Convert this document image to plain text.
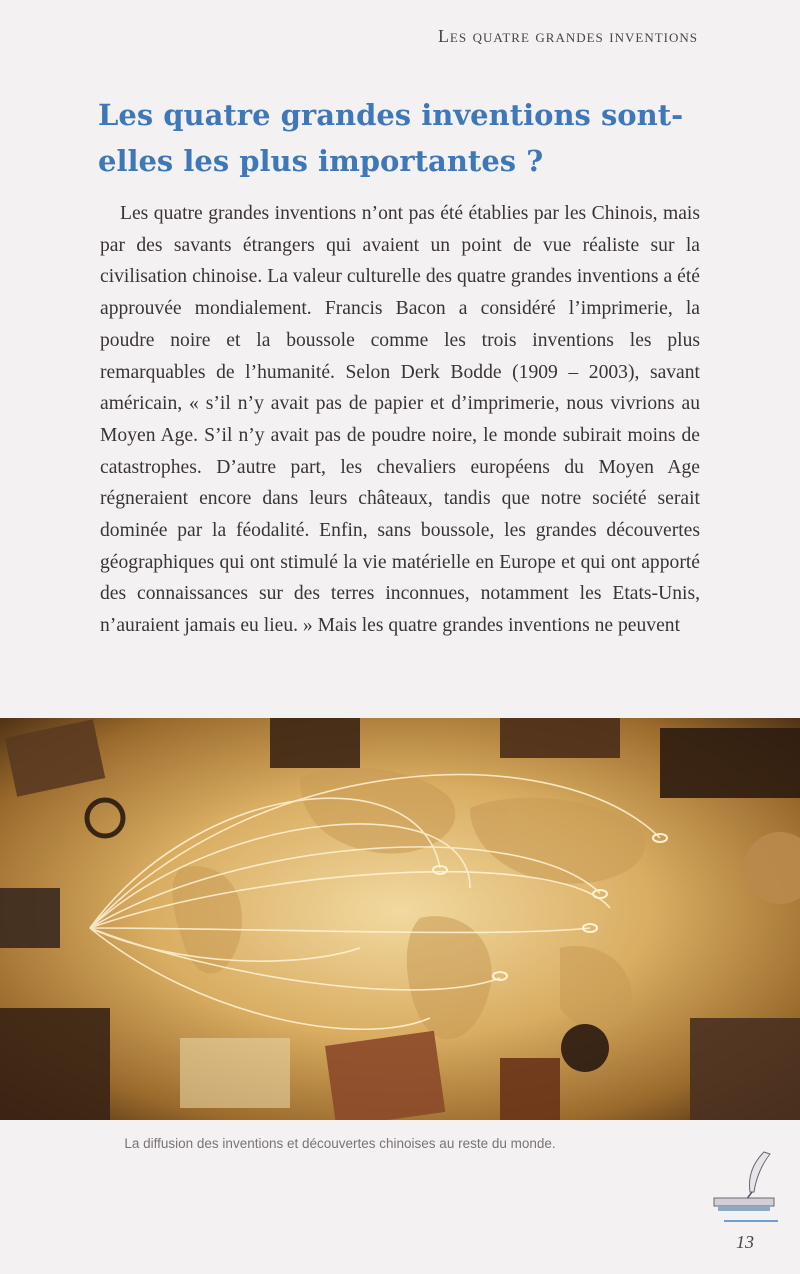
Les quatre grandes inventions
Les quatre grandes inventions sont-elles les plus importantes ?

Les quatre grandes inventions n’ont pas été établies par les Chinois, mais par des savants étrangers qui avaient un point de vue réaliste sur la civilisation chinoise. La valeur culturelle des quatre grandes inventions a été approuvée mondialement. Francis Bacon a considéré l’imprimerie, la poudre noire et la boussole comme les trois inventions les plus remarquables de l’humanité. Selon Derk Bodde (1909 – 2003), savant américain, « s’il n’y avait pas de papier et d’imprimerie, nous vivrions au Moyen Age. S’il n’y avait pas de poudre noire, le monde subirait moins de catastrophes. D’autre part, les chevaliers européens du Moyen Age régneraient encore dans leurs châteaux, tandis que notre société serait dominée par la féodalité. Enfin, sans boussole, les grandes découvertes géographiques qui ont stimulé la vie matérielle en Europe et qui ont apporté des connaissances sur des terres inconnues, notamment les Etats-Unis, n’auraient jamais eu lieu. » Mais les quatre grandes inventions ne peuvent

La diffusion des inventions et découvertes chinoises au reste du monde.
13
